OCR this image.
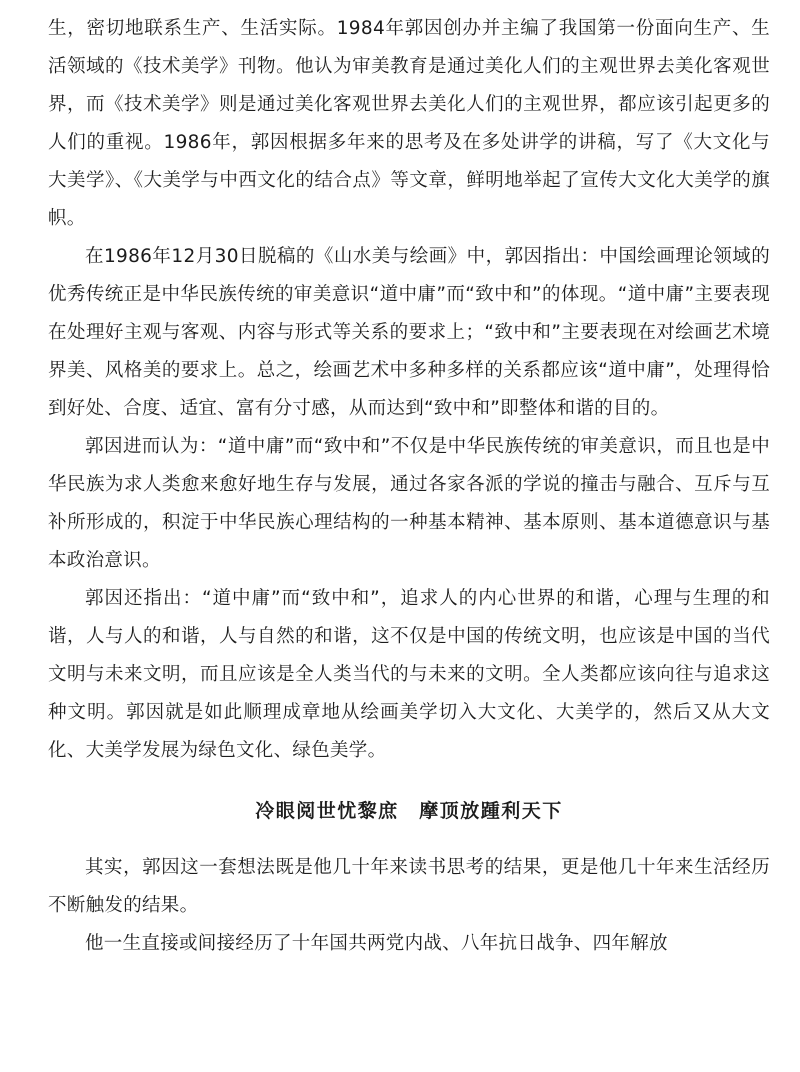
生，密切地联系生产、生活实际。1984年郭因创办并主编了我国第一份面向生产、生活领域的《技术美学》刊物。他认为审美教育是通过美化人们的主观世界去美化客观世界，而《技术美学》则是通过美化客观世界去美化人们的主观世界，都应该引起更多的人们的重视。1986年，郭因根据多年来的思考及在多处讲学的讲稿，写了《大文化与大美学》、《大美学与中西文化的结合点》等文章，鲜明地举起了宣传大文化大美学的旗帜。

在1986年12月30日脱稿的《山水美与绘画》中，郭因指出：中国绘画理论领域的优秀传统正是中华民族传统的审美意识“道中庸”而“致中和”的体现。“道中庸”主要表现在处理好主观与客观、内容与形式等关系的要求上；“致中和”主要表现在对绘画艺术境界美、风格美的要求上。总之，绘画艺术中多种多样的关系都应该“道中庸”，处理得恰到好处、合度、适宜、富有分寸感，从而达到“致中和”即整体和谐的目的。

郭因进而认为：“道中庸”而“致中和”不仅是中华民族传统的审美意识，而且也是中华民族为求人类愈来愈好地生存与发展，通过各家各派的学说的撞击与融合、互斥与互补所形成的，积淀于中华民族心理结构的一种基本精神、基本原则、基本道德意识与基本政治意识。

郭因还指出：“道中庸”而“致中和”，追求人的内心世界的和谐，心理与生理的和谐，人与人的和谐，人与自然的和谐，这不仅是中国的传统文明，也应该是中国的当代文明与未来文明，而且应该是全人类当代的与未来的文明。全人类都应该向往与追求这种文明。郭因就是如此顺理成章地从绘画美学切入大文化、大美学的，然后又从大文化、大美学发展为绿色文化、绿色美学。

冷眼阅世忧黎庶　摩顶放踵利天下

其实，郭因这一套想法既是他几十年来读书思考的结果，更是他几十年来生活经历不断触发的结果。

他一生直接或间接经历了十年国共两党内战、八年抗日战争、四年解放
